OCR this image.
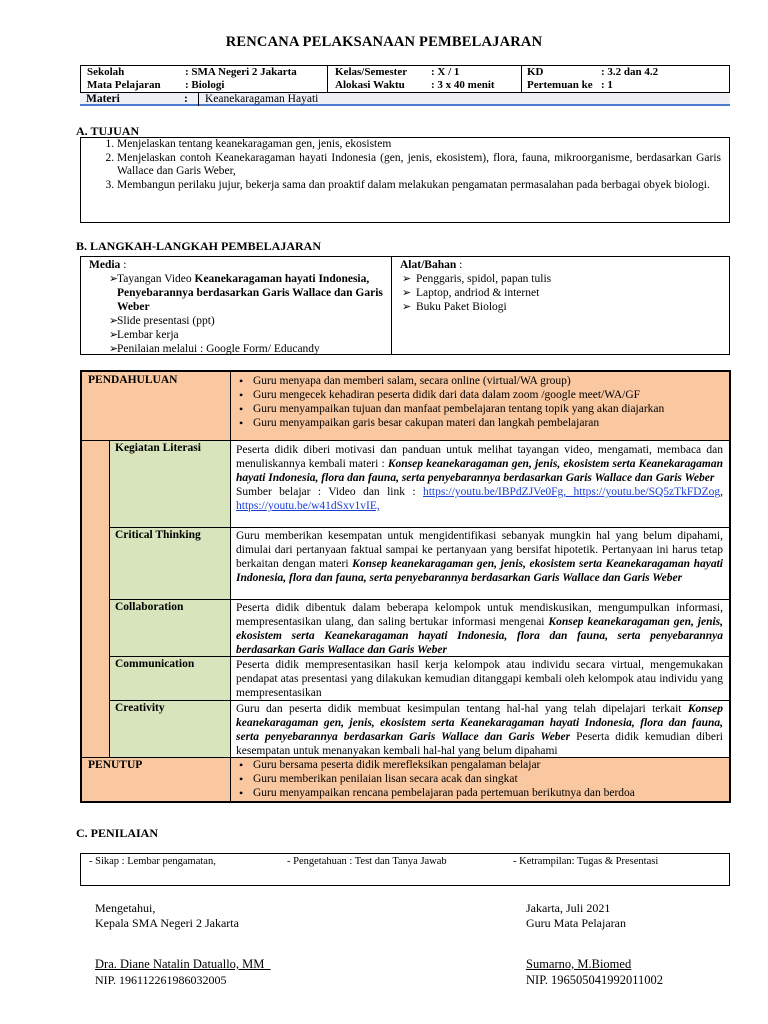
RENCANA PELAKSANAAN PEMBELAJARAN
Sekolah	: SMA Negeri 2 Jakarta
Mata Pelajaran : Biologi
Kelas/Semester : X / 1
Alokasi Waktu : 3 x 40 menit
KD	: 3.2 dan 4.2
Pertemuan ke : 1
Materi	: Keanekaragaman Hayati
A. TUJUAN
1. Menjelaskan tentang keanekaragaman gen, jenis, ekosistem
2. Menjelaskan contoh Keanekaragaman hayati Indonesia (gen, jenis, ekosistem), flora, fauna, mikroorganisme, berdasarkan Garis Wallace dan Garis Weber,
3. Membangun perilaku jujur, bekerja sama dan proaktif dalam melakukan pengamatan permasalahan pada berbagai obyek biologi.
B. LANGKAH-LANGKAH PEMBELAJARAN
Media :
➢
Tayangan Video Keanekaragaman hayati Indonesia, Penyebarannya berdasarkan Garis Wallace dan Garis Weber
➢
Slide presentasi (ppt)
➢
Lembar kerja
➢
Penilaian melalui : Google Form/ Educandy
Alat/Bahan :
➢ Penggaris, spidol, papan tulis
➢ Laptop, andriod & internet
➢ Buku Paket Biologi
PENDAHULUAN	• Guru menyapa dan memberi salam, secara online (virtual/WA group)
• Guru mengecek kehadiran peserta didik dari data dalam zoom /google meet/WA/GF
• Guru menyampaikan tujuan dan manfaat pembelajaran tentang topik yang akan diajarkan
• Guru menyampaikan garis besar cakupan materi dan langkah pembelajaran
Kegiatan Literasi	Peserta didik diberi motivasi dan panduan untuk melihat tayangan video, mengamati, membaca dan menuliskannya kembali materi : Konsep keanekaragaman gen, jenis, ekosistem serta Keanekaragaman hayati Indonesia, flora dan fauna, serta penyebarannya berdasarkan Garis Wallace dan Garis Weber
Sumber belajar : Video dan link : https://youtu.be/IBPdZJVe0Fg, https://youtu.be/SQ5zTkFDZog, https://youtu.be/w41dSxv1vIE,
Critical Thinking	Guru memberikan kesempatan untuk mengidentifikasi sebanyak mungkin hal yang belum dipahami, dimulai dari pertanyaan faktual sampai ke pertanyaan yang bersifat hipotetik. Pertanyaan ini harus tetap berkaitan dengan materi Konsep keanekaragaman gen, jenis, ekosistem serta Keanekaragaman hayati Indonesia, flora dan fauna, serta penyebarannya berdasarkan Garis Wallace dan Garis Weber
Collaboration	Peserta didik dibentuk dalam beberapa kelompok untuk mendiskusikan, mengumpulkan informasi, mempresentasikan ulang, dan saling bertukar informasi mengenai Konsep keanekaragaman gen, jenis, ekosistem serta Keanekaragaman hayati Indonesia, flora dan fauna, serta penyebarannya berdasarkan Garis Wallace dan Garis Weber
Communication	Peserta didik mempresentasikan hasil kerja kelompok atau individu secara virtual, mengemukakan pendapat atas presentasi yang dilakukan kemudian ditanggapi kembali oleh kelompok atau individu yang mempresentasikan
Creativity	Guru dan peserta didik membuat kesimpulan tentang hal-hal yang telah dipelajari terkait Konsep keanekaragaman gen, jenis, ekosistem serta Keanekaragaman hayati Indonesia, flora dan fauna, serta penyebarannya berdasarkan Garis Wallace dan Garis Weber Peserta didik kemudian diberi kesempatan untuk menanyakan kembali hal-hal yang belum dipahami
PENUTUP	• Guru bersama peserta didik merefleksikan pengalaman belajar
• Guru memberikan penilaian lisan secara acak dan singkat
• Guru menyampaikan rencana pembelajaran pada pertemuan berikutnya dan berdoa
C. PENILAIAN
- Sikap : Lembar pengamatan,	- Pengetahuan : Test dan Tanya Jawab	- Ketrampilan: Tugas & Presentasi
Mengetahui,
Kepala SMA Negeri 2 Jakarta
Dra. Diane Natalin Datuallo, MM
NIP. 196112261986032005
Jakarta, Juli 2021
Guru Mata Pelajaran
Sumarno, M.Biomed
NIP. 196505041992011002
